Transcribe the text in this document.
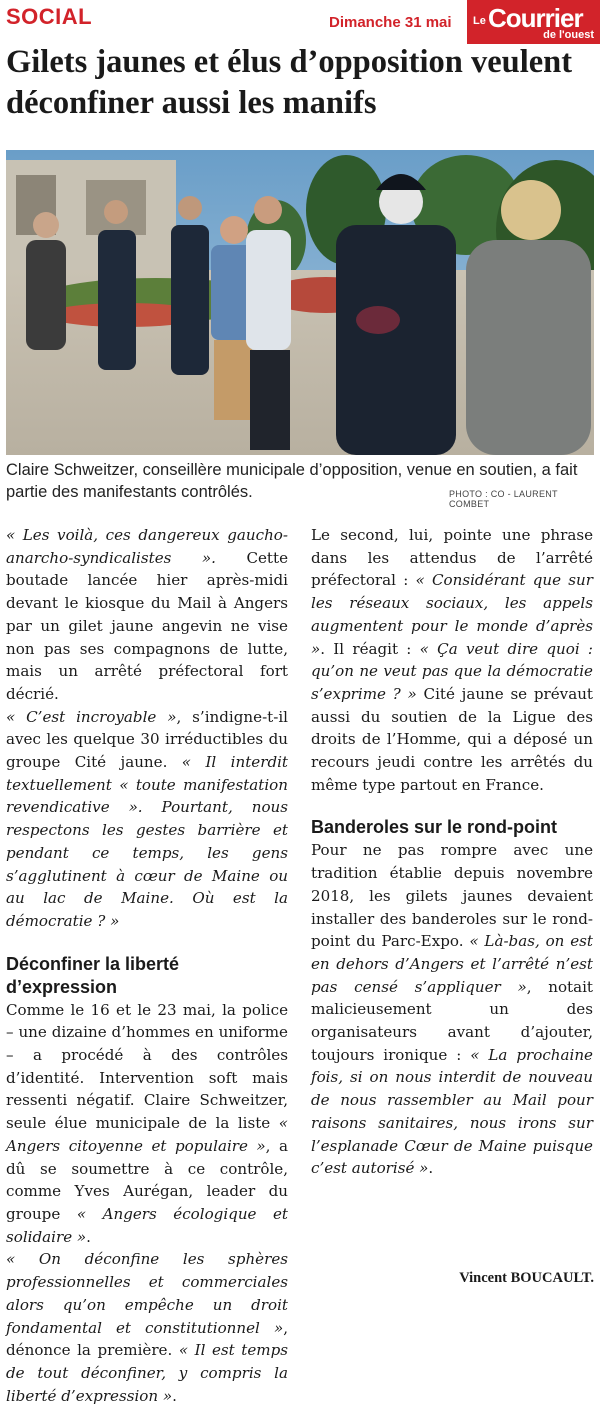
SOCIAL	Dimanche 31 mai Le Courrier
de l'ouest
Gilets jaunes et élus d’opposition veulent déconfiner aussi les manifs
Claire Schweitzer, conseillère municipale d’opposition, venue en soutien, a fait partie des manifestants contrôlés.	PHOTO : CO - LAURENT COMBET

« Les voilà, ces dangereux gaucho-anarcho-syndicalistes ». Cette boutade lancée hier après-midi devant le kiosque du Mail à Angers par un gilet jaune angevin ne vise non pas ses compagnons de lutte, mais un arrêté préfectoral fort décrié.

« C’est incroyable », s’indigne-t-il avec les quelque 30 irréductibles du groupe Cité jaune. « Il interdit textuellement « toute manifestation revendicative ». Pourtant, nous respectons les gestes barrière et pendant ce temps, les gens s’agglutinent à cœur de Maine ou au lac de Maine. Où est la démocratie ? »

Déconfiner la liberté d’expression

Comme le 16 et le 23 mai, la police – une dizaine d’hommes en uniforme – a procédé à des contrôles d’identité. Intervention soft mais ressenti négatif. Claire Schweitzer, seule élue municipale de la liste « Angers citoyenne et populaire », a dû se soumettre à ce contrôle, comme Yves Aurégan, leader du groupe « Angers écologique et solidaire ».

« On déconfine les sphères professionnelles et commerciales alors qu’on empêche un droit fondamental et constitutionnel », dénonce la première. « Il est temps de tout déconfiner, y compris la liberté d’expression ».

Le second, lui, pointe une phrase dans les attendus de l’arrêté préfectoral : « Considérant que sur les réseaux sociaux, les appels augmentent pour le monde d’après ». Il réagit : « Ça veut dire quoi : qu’on ne veut pas que la démocratie s’exprime ? » Cité jaune se prévaut aussi du soutien de la Ligue des droits de l’Homme, qui a déposé un recours jeudi contre les arrêtés du même type partout en France.

Banderoles sur le rond-point

Pour ne pas rompre avec une tradition établie depuis novembre 2018, les gilets jaunes devaient installer des banderoles sur le rond-point du Parc-Expo. « Là-bas, on est en dehors d’Angers et l’arrêté n’est pas censé s’appliquer », notait malicieusement un des organisateurs avant d’ajouter, toujours ironique : « La prochaine fois, si on nous interdit de nouveau de nous rassembler au Mail pour raisons sanitaires, nous irons sur l’esplanade Cœur de Maine puisque c’est autorisé ».

Vincent BOUCAULT.
